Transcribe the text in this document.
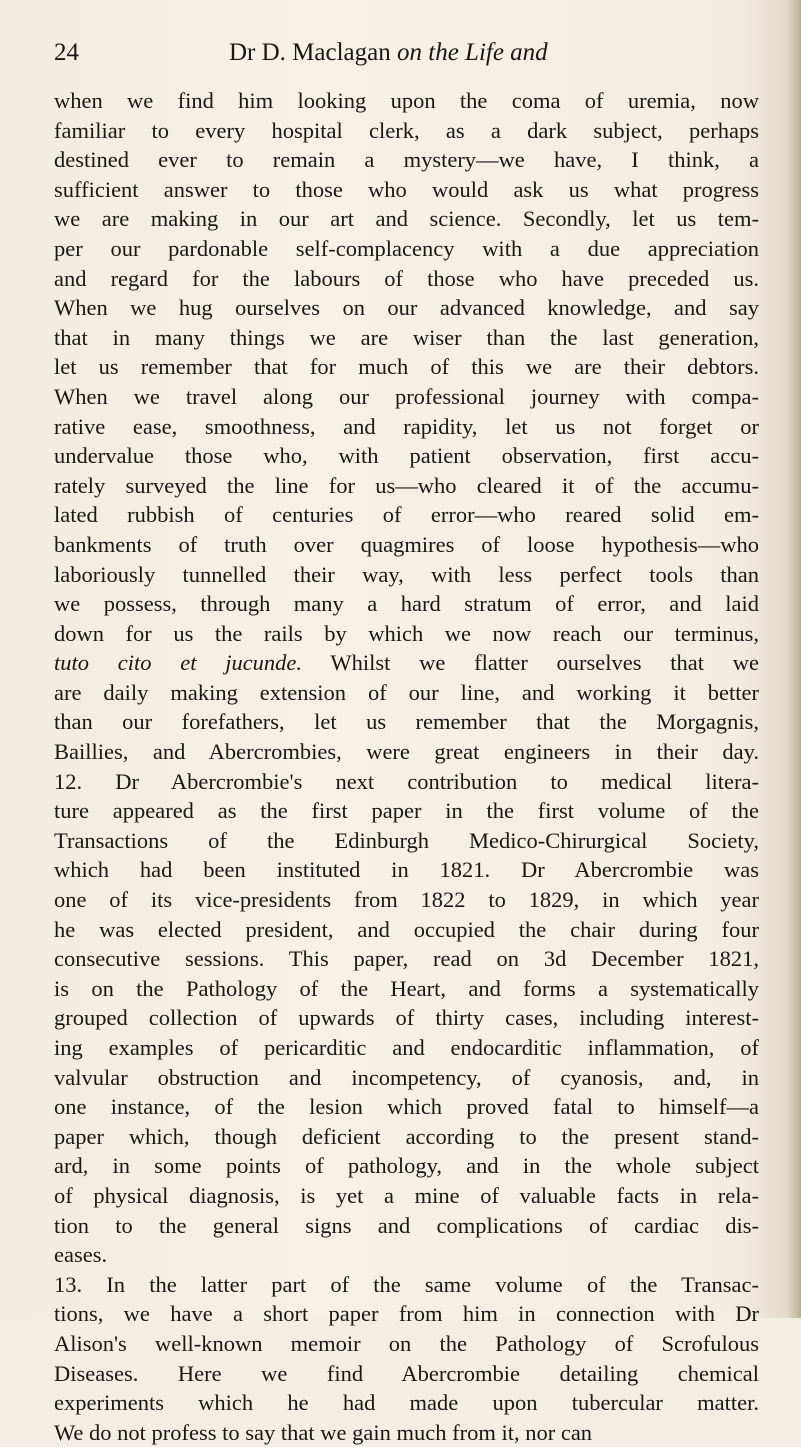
24	Dr D. Maclagan on the Life and
when we find him looking upon the coma of uremia, now
familiar to every hospital clerk, as a dark subject, perhaps
destined ever to remain a mystery—we have, I think, a
sufficient answer to those who would ask us what progress
we are making in our art and science. Secondly, let us tem-
per our pardonable self-complacency with a due appreciation
and regard for the labours of those who have preceded us.
When we hug ourselves on our advanced knowledge, and say
that in many things we are wiser than the last generation,
let us remember that for much of this we are their debtors.
When we travel along our professional journey with compa-
rative ease, smoothness, and rapidity, let us not forget or
undervalue those who, with patient observation, first accu-
rately surveyed the line for us—who cleared it of the accumu-
lated rubbish of centuries of error—who reared solid em-
bankments of truth over quagmires of loose hypothesis—who
laboriously tunnelled their way, with less perfect tools than
we possess, through many a hard stratum of error, and laid
down for us the rails by which we now reach our terminus,
tuto cito et jucunde. Whilst we flatter ourselves that we
are daily making extension of our line, and working it better
than our forefathers, let us remember that the Morgagnis,
Baillies, and Abercrombies, were great engineers in their day.
12. Dr Abercrombie's next contribution to medical litera-
ture appeared as the first paper in the first volume of the
Transactions of the Edinburgh Medico-Chirurgical Society,
which had been instituted in 1821. Dr Abercrombie was
one of its vice-presidents from 1822 to 1829, in which year
he was elected president, and occupied the chair during four
consecutive sessions. This paper, read on 3d December 1821,
is on the Pathology of the Heart, and forms a systematically
grouped collection of upwards of thirty cases, including interest-
ing examples of pericarditic and endocarditic inflammation, of
valvular obstruction and incompetency, of cyanosis, and, in
one instance, of the lesion which proved fatal to himself—a
paper which, though deficient according to the present stand-
ard, in some points of pathology, and in the whole subject
of physical diagnosis, is yet a mine of valuable facts in rela-
tion to the general signs and complications of cardiac dis-
eases.
13. In the latter part of the same volume of the Transac-
tions, we have a short paper from him in connection with Dr
Alison's well-known memoir on the Pathology of Scrofulous
Diseases. Here we find Abercrombie detailing chemical
experiments which he had made upon tubercular matter.
We do not profess to say that we gain much from it, nor can
